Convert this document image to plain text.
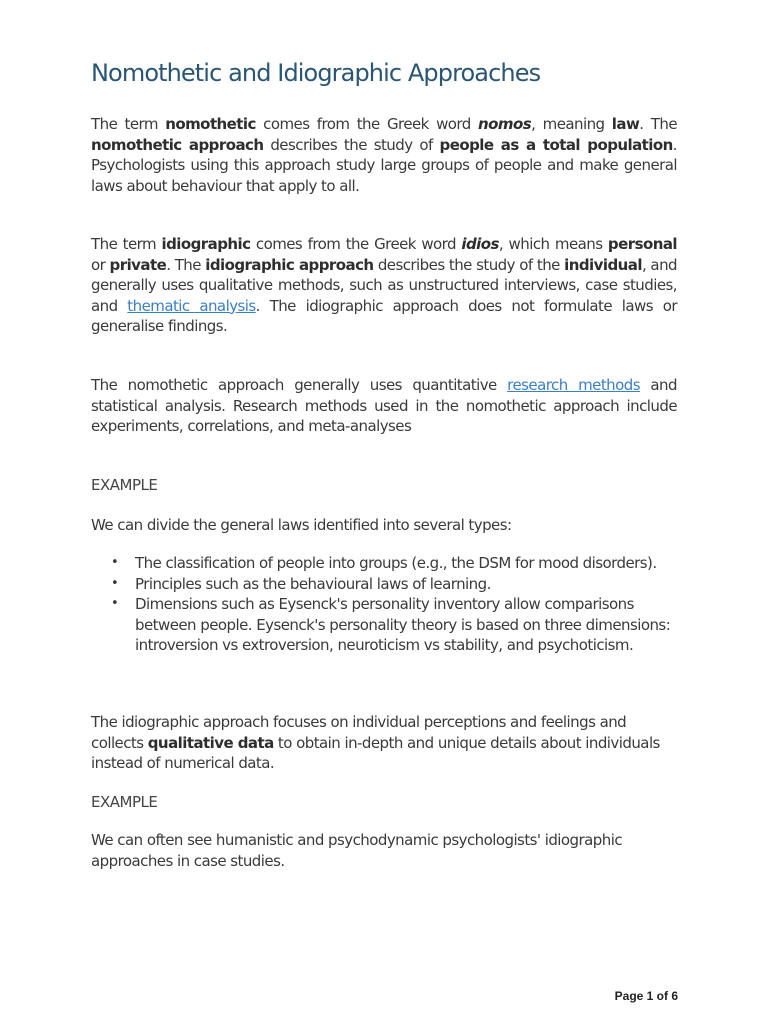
Nomothetic and Idiographic Approaches

The term nomothetic comes from the Greek word nomos, meaning law. The nomothetic approach describes the study of people as a total population. Psychologists using this approach study large groups of people and make general laws about behaviour that apply to all.

The term idiographic comes from the Greek word idios, which means personal or private. The idiographic approach describes the study of the individual, and generally uses qualitative methods, such as unstructured interviews, case studies, and thematic analysis. The idiographic approach does not formulate laws or generalise findings.

The nomothetic approach generally uses quantitative research methods and statistical analysis. Research methods used in the nomothetic approach include experiments, correlations, and meta-analyses

EXAMPLE

We can divide the general laws identified into several types:

• The classification of people into groups (e.g., the DSM for mood disorders).
• Principles such as the behavioural laws of learning.
• Dimensions such as Eysenck's personality inventory allow comparisons between people. Eysenck's personality theory is based on three dimensions: introversion vs extroversion, neuroticism vs stability, and psychoticism.

The idiographic approach focuses on individual perceptions and feelings and collects qualitative data to obtain in-depth and unique details about individuals instead of numerical data.

EXAMPLE

We can often see humanistic and psychodynamic psychologists' idiographic approaches in case studies.

Page 1 of 6
